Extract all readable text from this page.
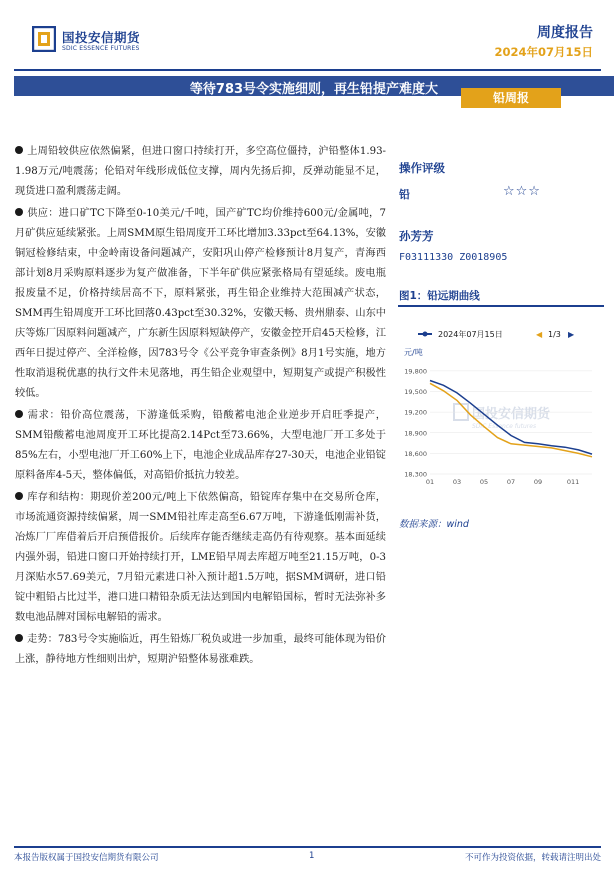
国投安信期货
SDIC ESSENCE FUTURES
周度报告
2024年07月15日
等待783号令实施细则，再生铅提产难度大
铅周报

上周铅较供应依然偏紧，但进口窗口持续打开，多空高位僵持，沪铅整体1.93-1.98万元/吨震荡；伦铅对年线形成低位支撑，周内先扬后抑，反弹动能显不足，现货进口盈利震荡走阔。

供应：进口矿TC下降至0-10美元/千吨，国产矿TC均价维持600元/金属吨，7月矿供应延续紧张。上周SMM原生铅周度开工环比增加3.33pct至64.13%，安徽铜冠检修结束，中金岭南设备问题减产，安阳巩山停产检修预计8月复产，青海西部计划8月采购原料逐步为复产做准备，下半年矿供应紧张格局有望延续。废电瓶报废量不足，价格持续居高不下，原料紧张，再生铅企业维持大范围减产状态，SMM再生铅周度开工环比回落0.43pct至30.32%，安徽天畅、贵州鼎泰、山东中庆等炼厂因原料问题减产，广东新生因原料短缺停产，安徽金控开启45天检修，江西年日提过停产、全洋检修，因783号令《公平竞争审查条例》8月1号实施，地方性取消退税优惠的执行文件未见落地，再生铅企业观望中，短期复产或提产积极性较低。

需求：铅价高位震荡，下游逢低采购，铅酸蓄电池企业逆步开启旺季提产，SMM铅酸蓄电池周度开工环比提高2.14Pct至73.66%，大型电池厂开工多处于85%左右，小型电池厂开工60%上下，电池企业成品库存27-30天，电池企业铅锭原料备库4-5天，整体偏低，对高铅价抵抗力较差。

库存和结构：期现价差200元/吨上下依然偏高，铅锭库存集中在交易所仓库，市场流通资源持续偏紧，周一SMM铅社库走高至6.67万吨，下游逢低刚需补货，冶炼厂厂库借着后开启预借报价。后续库存能否继续走高仍有待观察。基本面延续内强外弱，铅进口窗口开始持续打开，LME铅早周去库超万吨至21.15万吨，0-3月深贴水57.69美元，7月铅元素进口补入预计超1.5万吨，据SMM调研，进口铅锭中粗铅占比过半，港口进口精铅杂质无法达到国内电解铅国标，暂时无法弥补多数电池品牌对国标电解铅的需求。

走势：783号令实施临近，再生铅炼厂税负或进一步加重，最终可能体现为铅价上涨，静待地方性细则出炉，短期沪铅整体易涨难跌。

操作评级
铅	☆☆☆
孙芳芳
F03111330 Z0018905
图1：铅远期曲线
国投安信期货
SDIC Essence futures
2024年07月15日	◀ 1/3 ▶
元/吨
18,300
18,600
18,900
19,200
19,500
19,800
01	03	05	07	09	011
数据来源：wind
本报告版权属于国投安信期货有限公司	1	不可作为投资依据，转载请注明出处
